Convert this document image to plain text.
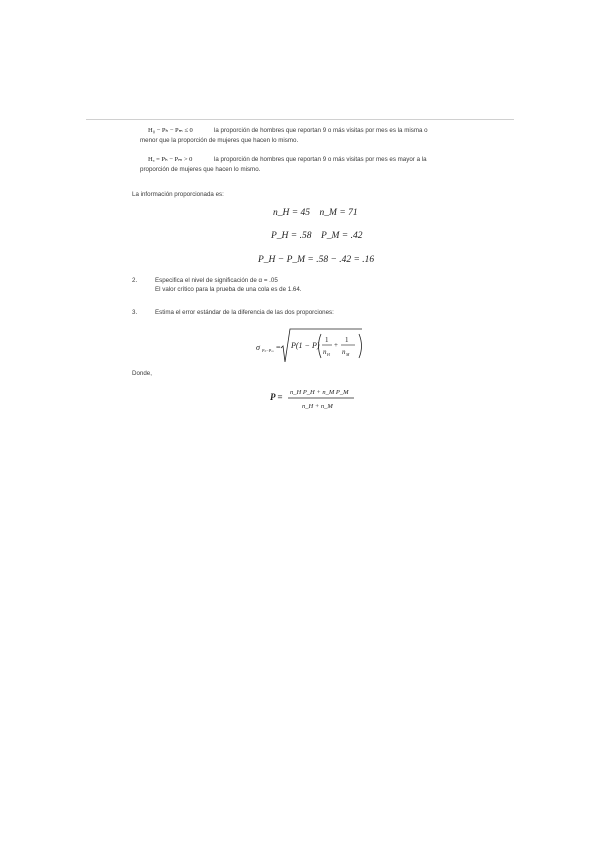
H₀ − Pₕ − Pₘ ≤ 0	la proporción de hombres que reportan 9 o más visitas por mes es la misma o
menor que la proporción de mujeres que hacen lo mismo.
Hₐ = Pₕ − Pₘ > 0	la proporción de hombres que reportan 9 o más visitas por mes es mayor a la
proporción de mujeres que hacen lo mismo.
La información proporcionada es:
n_H = 45 n_M = 71
P_H = .58 P_M = .42
P_H − P_M = .58 − .42 = .16
2.	Especifica el nivel de significación de α = .05
El valor crítico para la prueba de una cola es de 1.64.
3.	Estima el error estándar de la diferencia de las dos proporciones:
σ Pₕ−Pₘ = P(1 − P)
1
n H
+
1
n M
Donde,
P = n_H P_H + n_M P_M
n_H + n_M
